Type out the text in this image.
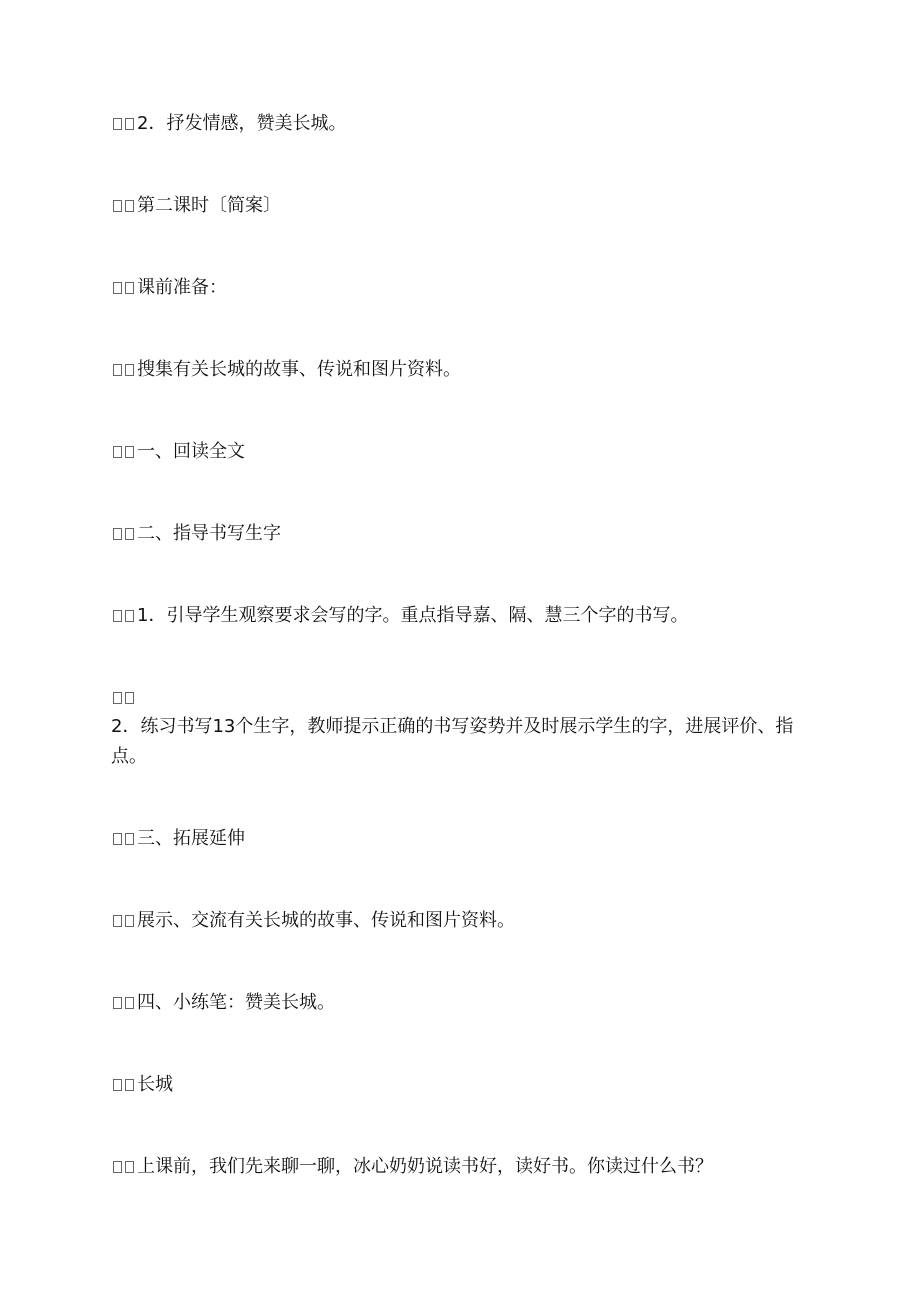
2．抒发情感，赞美长城。
第二课时〔简案〕
课前准备：
搜集有关长城的故事、传说和图片资料。
一、回读全文
二、指导书写生字
1．引导学生观察要求会写的字。重点指导嘉、隔、慧三个字的书写。
2．练习书写13个生字，教师提示正确的书写姿势并及时展示学生的字，进展评价、指点。
三、拓展延伸
展示、交流有关长城的故事、传说和图片资料。
四、小练笔：赞美长城。
长城
上课前，我们先来聊一聊，冰心奶奶说读书好，读好书。你读过什么书？
